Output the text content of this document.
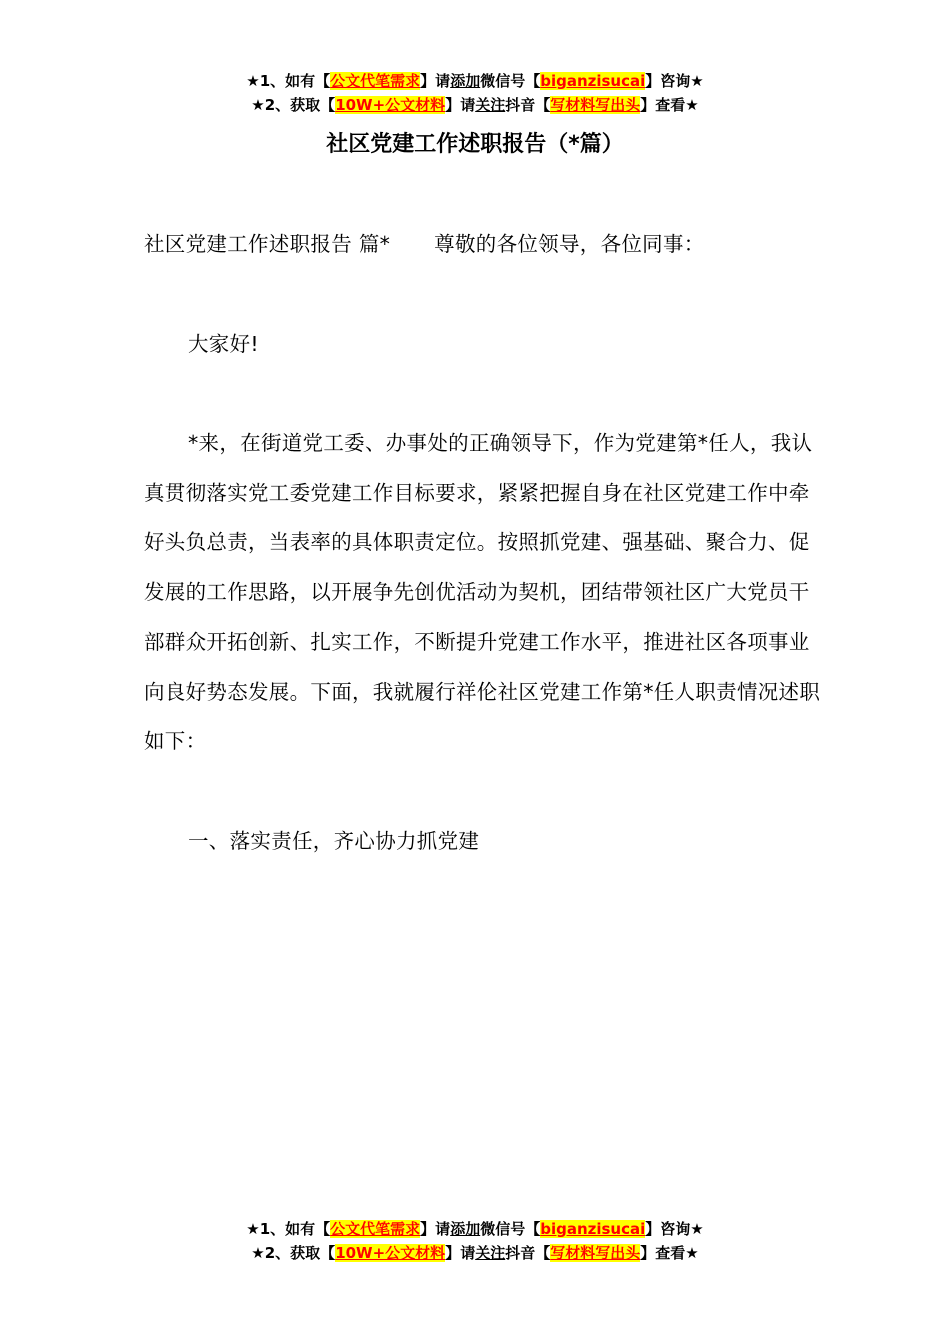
★1、如有【公文代笔需求】请添加微信号【biganzisucai】咨询★
★2、获取【10W+公文材料】请关注抖音【写材料写出头】查看★
社区党建工作述职报告（*篇）
社区党建工作述职报告 篇* 尊敬的各位领导，各位同事：
大家好!
*来，在街道党工委、办事处的正确领导下，作为党建第*任人，我认真贯彻落实党工委党建工作目标要求，紧紧把握自身在社区党建工作中牵好头负总责，当表率的具体职责定位。按照抓党建、强基础、聚合力、促发展的工作思路，以开展争先创优活动为契机，团结带领社区广大党员干部群众开拓创新、扎实工作，不断提升党建工作水平，推进社区各项事业向良好势态发展。下面，我就履行祥伦社区党建工作第*任人职责情况述职如下：
一、落实责任，齐心协力抓党建
★1、如有【公文代笔需求】请添加微信号【biganzisucai】咨询★
★2、获取【10W+公文材料】请关注抖音【写材料写出头】查看★
